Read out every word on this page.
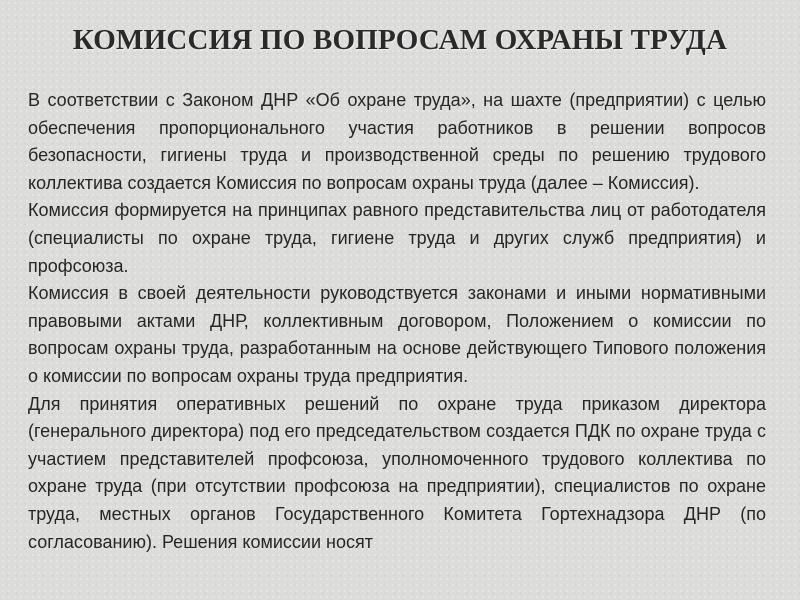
КОМИССИЯ ПО ВОПРОСАМ ОХРАНЫ ТРУДА

В соответствии с Законом ДНР «Об охране труда», на шахте (предприятии) с целью обеспечения пропорционального участия работников в решении вопросов безопасности, гигиены труда и производственной среды по решению трудового коллектива создается Комиссия по вопросам охраны труда (далее – Комиссия).

Комиссия формируется на принципах равного представительства лиц от работодателя (специалисты по охране труда, гигиене труда и других служб предприятия) и профсоюза.

Комиссия в своей деятельности руководствуется законами и иными нормативными правовыми актами ДНР, коллективным договором, Положением о комиссии по вопросам охраны труда, разработанным на основе действующего Типового положения о комиссии по вопросам охраны труда предприятия.

Для принятия оперативных решений по охране труда приказом директора (генерального директора) под его председательством создается ПДК по охране труда с участием представителей профсоюза, уполномоченного трудового коллектива по охране труда (при отсутствии профсоюза на предприятии), специалистов по охране труда, местных органов Государственного Комитета Гортехнадзора ДНР (по согласованию). Решения комиссии носят
